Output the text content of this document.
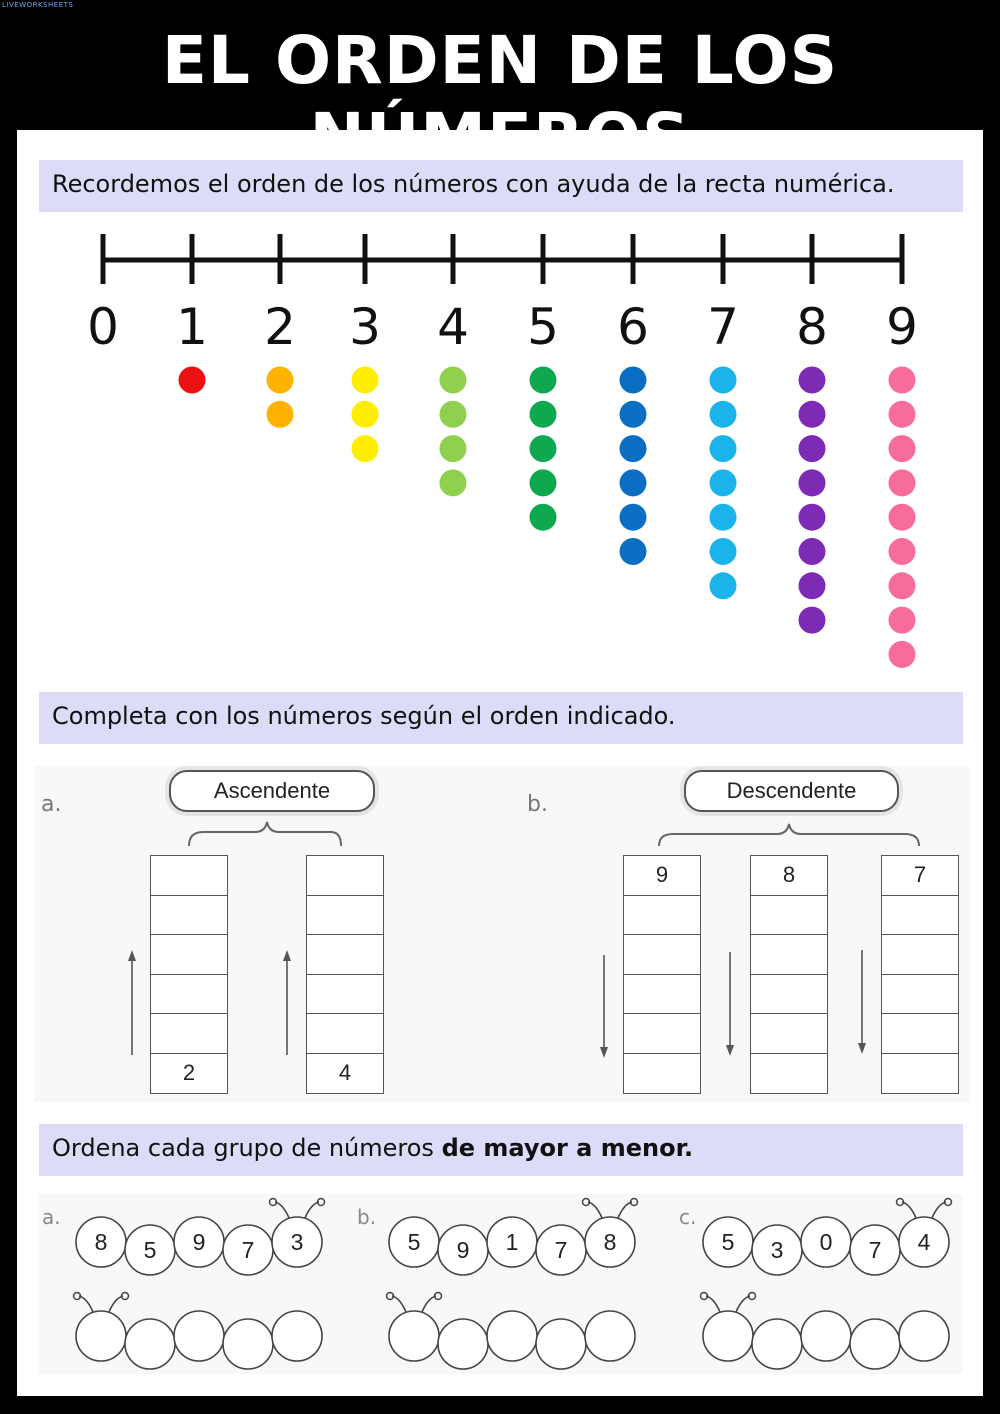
LIVEWORKSHEETS
EL ORDEN DE LOS
Recordemos el orden de los números con ayuda de la recta numérica.
0 1 2 3 4 5 6 7 8 9
Completa con los números según el orden indicado.
a.
Ascendente
b.
Descendente
2	4
9	8	7
Ordena cada grupo de números de mayor a menor.
a.	b.	c.
8 5 9 7 3	5 9 1 7 8	5 3 0 7 4
